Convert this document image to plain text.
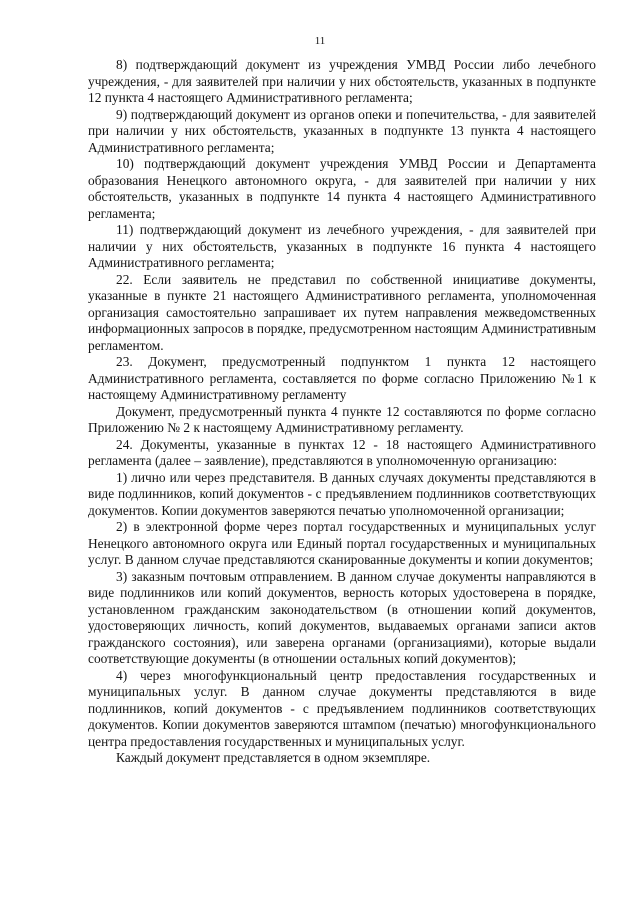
11

8) подтверждающий документ из учреждения УМВД России либо лечебного учреждения, - для заявителей при наличии у них обстоятельств, указанных в подпункте 12 пункта 4 настоящего Административного регламента;

9) подтверждающий документ из органов опеки и попечительства, - для заявителей при наличии у них обстоятельств, указанных в подпункте 13 пункта 4 настоящего Административного регламента;

10) подтверждающий документ учреждения УМВД России и Департамента образования Ненецкого автономного округа, - для заявителей при наличии у них обстоятельств, указанных в подпункте 14 пункта 4 настоящего Административного регламента;

11) подтверждающий документ из лечебного учреждения, - для заявителей при наличии у них обстоятельств, указанных в подпункте 16 пункта 4 настоящего Административного регламента;

22. Если заявитель не представил по собственной инициативе документы, указанные в пункте 21 настоящего Административного регламента, уполномоченная организация самостоятельно запрашивает их путем направления межведомственных информационных запросов в порядке, предусмотренном настоящим Административным регламентом.

23. Документ, предусмотренный подпунктом 1 пункта 12 настоящего Административного регламента, составляется по форме согласно Приложению №1 к настоящему Административному регламенту

Документ, предусмотренный пункта 4 пункте 12 составляются по форме согласно Приложению № 2 к настоящему Административному регламенту.

24. Документы, указанные в пунктах 12 - 18 настоящего Административного регламента (далее – заявление), представляются в уполномоченную организацию:

1) лично или через представителя. В данных случаях документы представляются в виде подлинников, копий документов - с предъявлением подлинников соответствующих документов. Копии документов заверяются печатью уполномоченной организации;

2) в электронной форме через портал государственных и муниципальных услуг Ненецкого автономного округа или Единый портал государственных и муниципальных услуг. В данном случае представляются сканированные документы и копии документов;

3) заказным почтовым отправлением. В данном случае документы направляются в виде подлинников или копий документов, верность которых удостоверена в порядке, установленном гражданским законодательством (в отношении копий документов, удостоверяющих личность, копий документов, выдаваемых органами записи актов гражданского состояния), или заверена органами (организациями), которые выдали соответствующие документы (в отношении остальных копий документов);

4) через многофункциональный центр предоставления государственных и муниципальных услуг. В данном случае документы представляются в виде подлинников, копий документов - с предъявлением подлинников соответствующих документов. Копии документов заверяются штампом (печатью) многофункционального центра предоставления государственных и муниципальных услуг.

Каждый документ представляется в одном экземпляре.
